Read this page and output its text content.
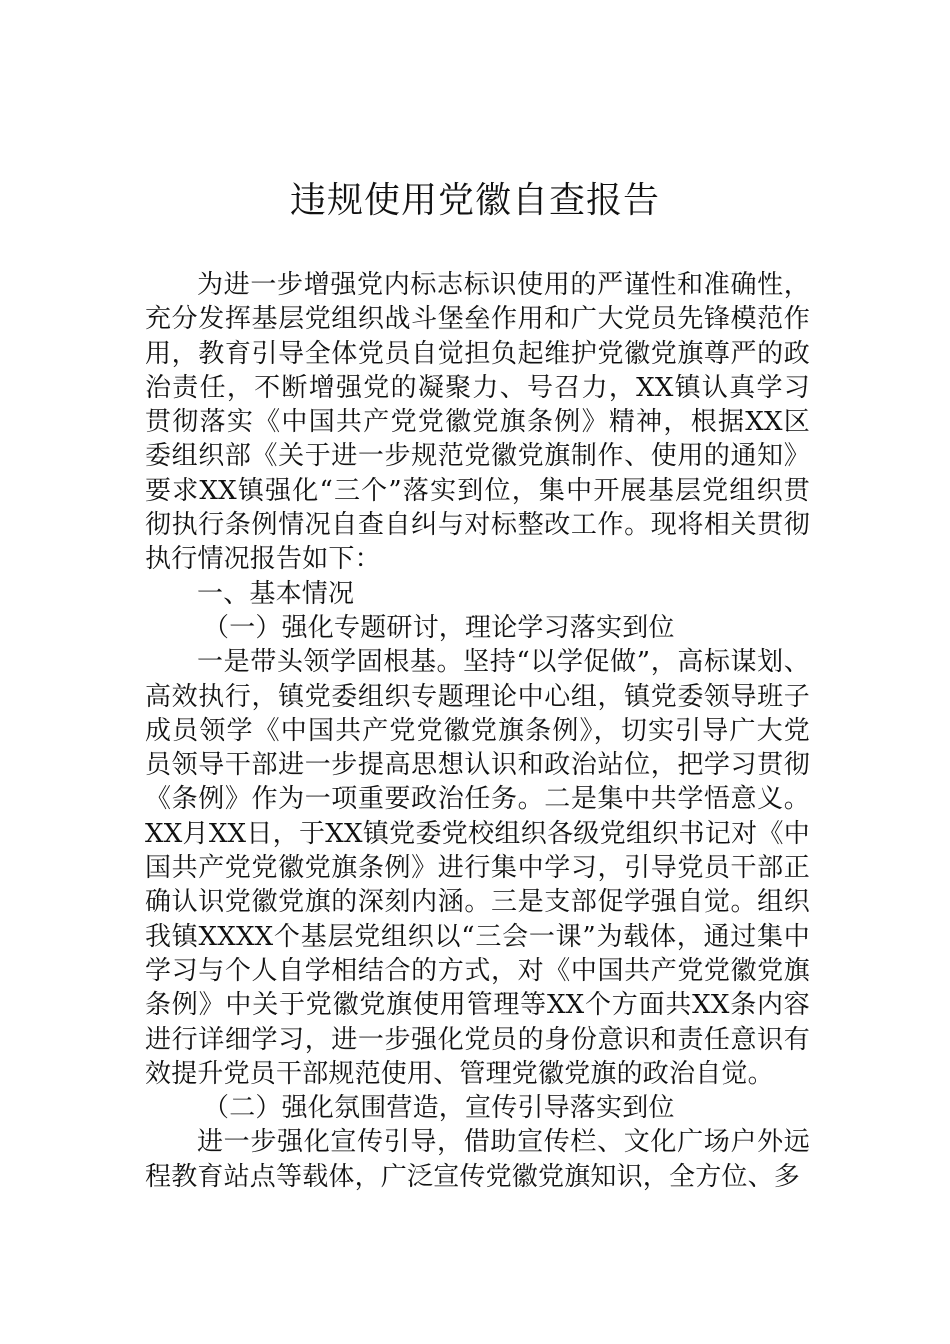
违规使用党徽自查报告

为进一步增强党内标志标识使用的严谨性和准确性，充分发挥基层党组织战斗堡垒作用和广大党员先锋模范作用，教育引导全体党员自觉担负起维护党徽党旗尊严的政治责任，不断增强党的凝聚力、号召力，XX镇认真学习贯彻落实《中国共产党党徽党旗条例》精神，根据XX区委组织部《关于进一步规范党徽党旗制作、使用的通知》要求XX镇强化“三个”落实到位，集中开展基层党组织贯彻执行条例情况自查自纠与对标整改工作。现将相关贯彻执行情况报告如下：

一、基本情况

（一）强化专题研讨，理论学习落实到位

一是带头领学固根基。坚持“以学促做”，高标谋划、高效执行，镇党委组织专题理论中心组，镇党委领导班子成员领学《中国共产党党徽党旗条例》，切实引导广大党员领导干部进一步提高思想认识和政治站位，把学习贯彻《条例》作为一项重要政治任务。二是集中共学悟意义。XX月XX日，于XX镇党委党校组织各级党组织书记对《中国共产党党徽党旗条例》进行集中学习，引导党员干部正确认识党徽党旗的深刻内涵。三是支部促学强自觉。组织我镇XXXX个基层党组织以“三会一课”为载体，通过集中学习与个人自学相结合的方式，对《中国共产党党徽党旗条例》中关于党徽党旗使用管理等XX个方面共XX条内容进行详细学习，进一步强化党员的身份意识和责任意识有效提升党员干部规范使用、管理党徽党旗的政治自觉。

（二）强化氛围营造，宣传引导落实到位

进一步强化宣传引导，借助宣传栏、文化广场户外远程教育站点等载体，广泛宣传党徽党旗知识，全方位、多
